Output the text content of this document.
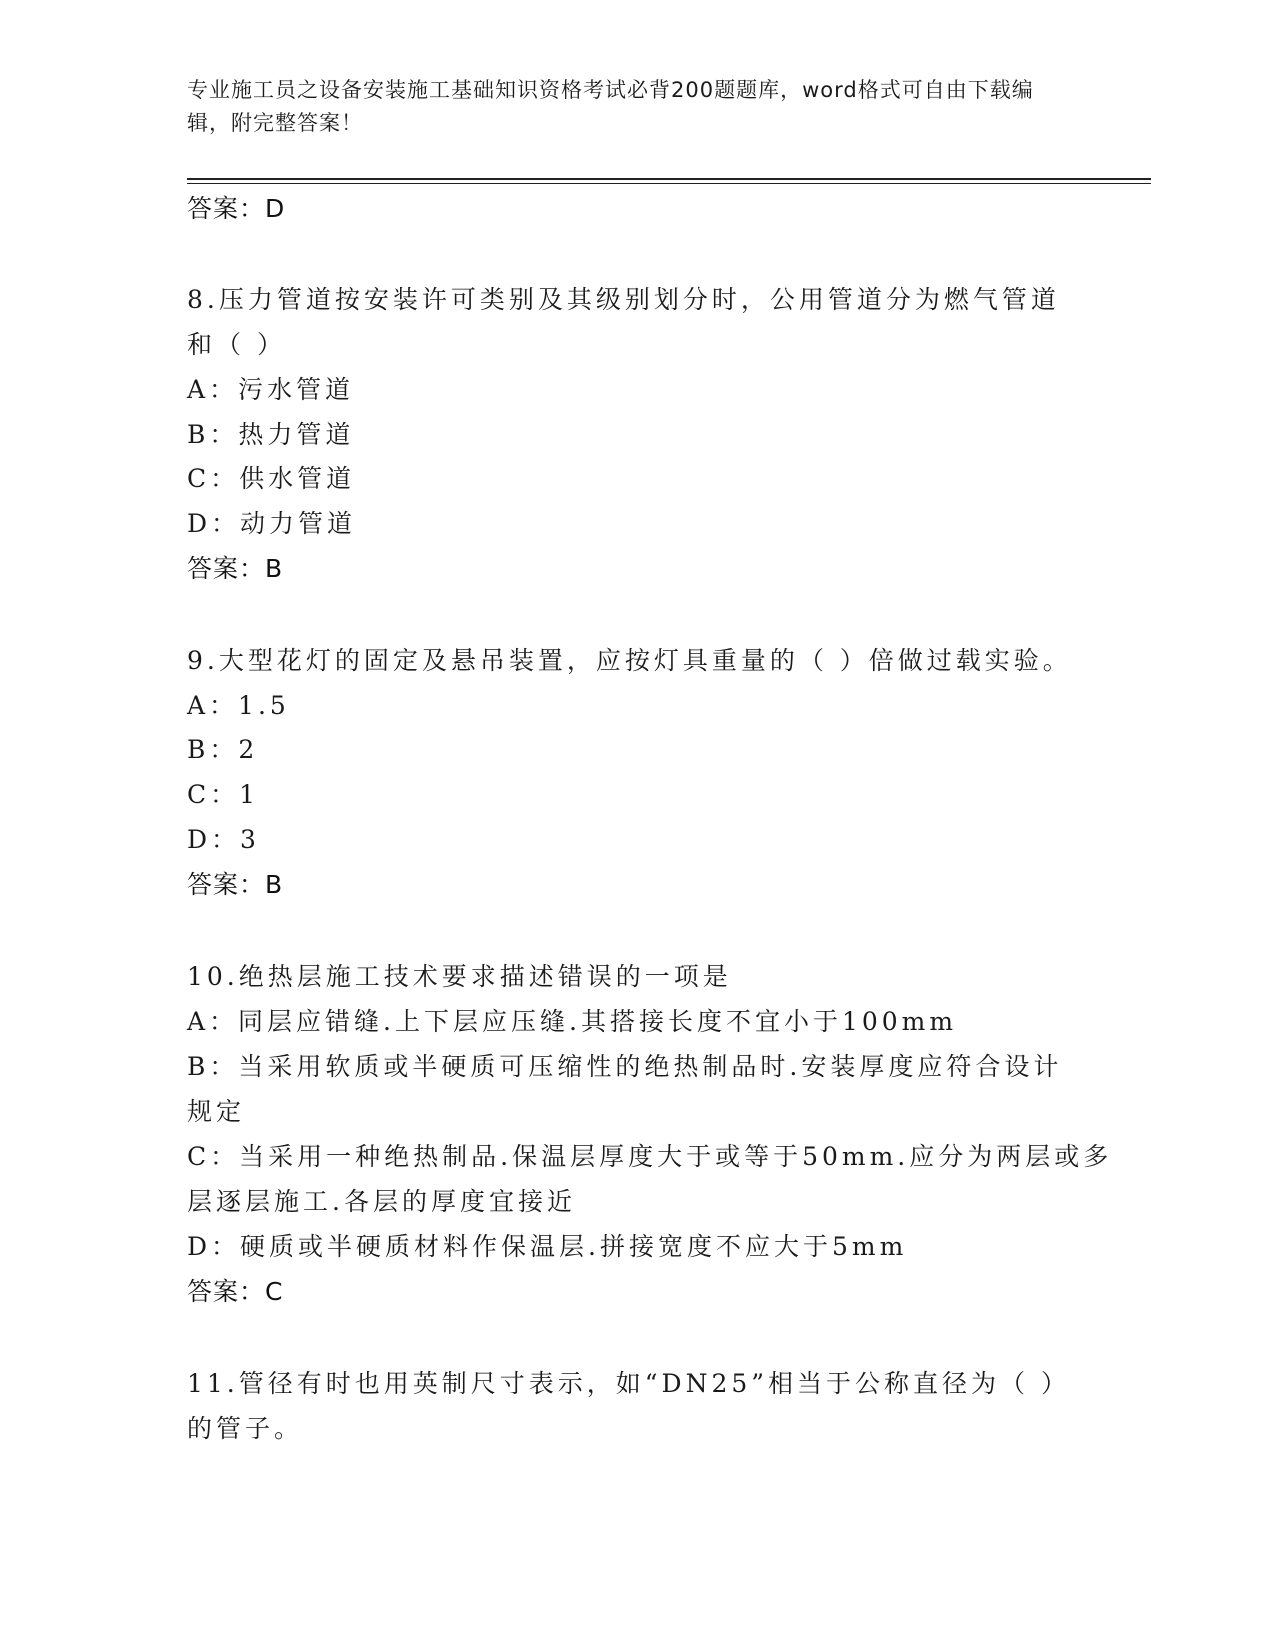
专业施工员之设备安装施工基础知识资格考试必背200题题库，word格式可自由下载编辑，附完整答案！
答案：D
8.压力管道按安装许可类别及其级别划分时，公用管道分为燃气管道
和（ ）
A：污水管道
B：热力管道
C：供水管道
D：动力管道
答案：B
9.大型花灯的固定及悬吊装置，应按灯具重量的（ ）倍做过载实验。
A：1.5
B：2
C：1
D：3
答案：B
10.绝热层施工技术要求描述错误的一项是
A：同层应错缝.上下层应压缝.其搭接长度不宜小于100mm
B：当采用软质或半硬质可压缩性的绝热制品时.安装厚度应符合设计
规定
C：当采用一种绝热制品.保温层厚度大于或等于50mm.应分为两层或多
层逐层施工.各层的厚度宜接近
D：硬质或半硬质材料作保温层.拼接宽度不应大于5mm
答案：C
11.管径有时也用英制尺寸表示，如“DN25”相当于公称直径为（ ）
的管子。
